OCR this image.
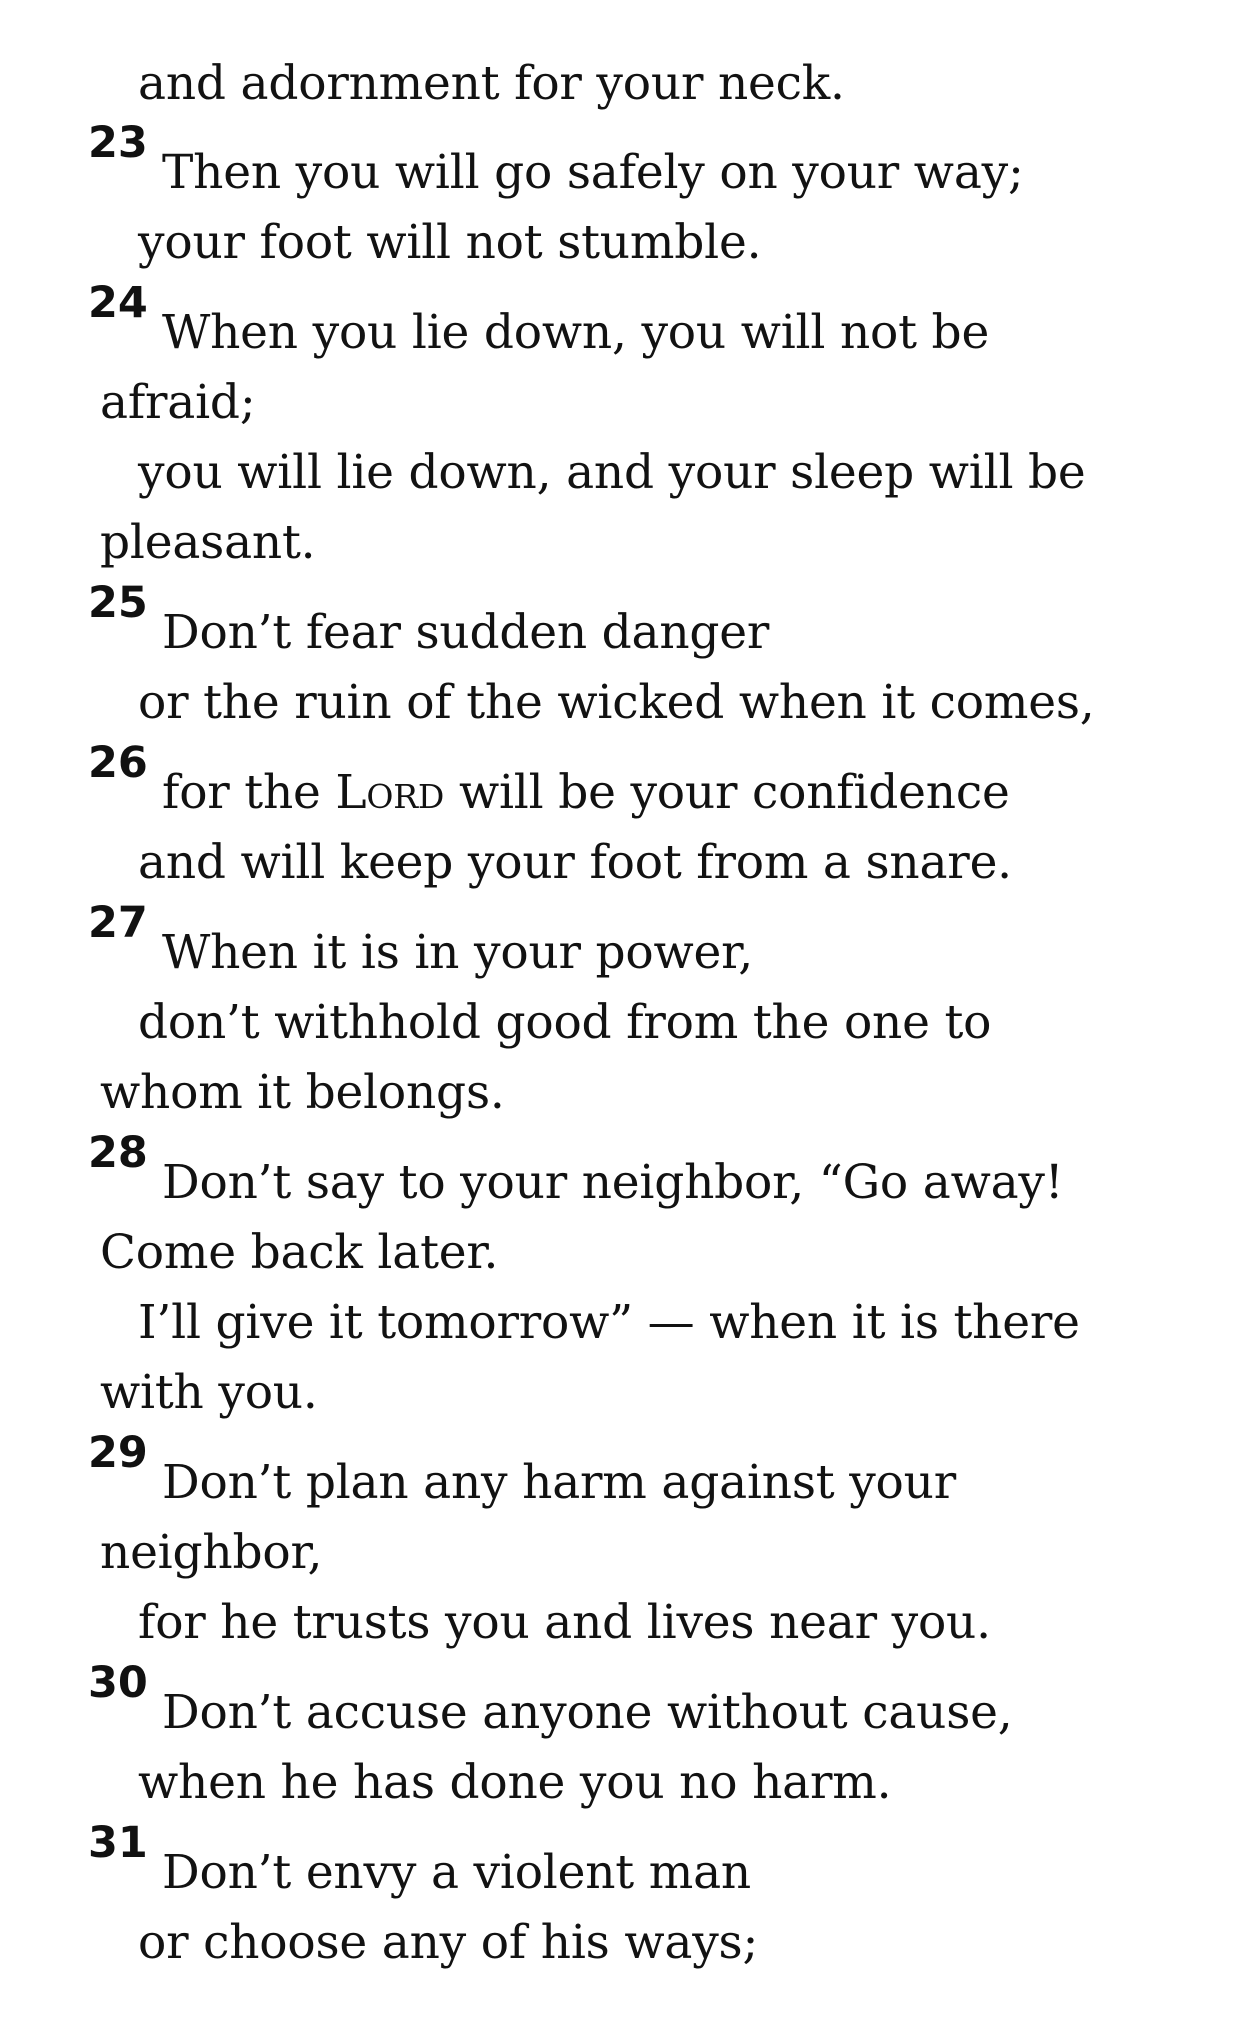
and adornment for your neck.
23
Then you will go safely on your way;
your foot will not stumble.
24
When you lie down, you will not be
afraid;
you will lie down, and your sleep will be
pleasant.
25
Don’t fear sudden danger
or the ruin of the wicked when it comes,
26
for the Lord will be your confidence
and will keep your foot from a snare.
27
When it is in your power,
don’t withhold good from the one to
whom it belongs.
28
Don’t say to your neighbor, “Go away!
Come back later.
I’ll give it tomorrow” — when it is there
with you.
29
Don’t plan any harm against your
neighbor,
for he trusts you and lives near you.
30
Don’t accuse anyone without cause,
when he has done you no harm.
31
Don’t envy a violent man
or choose any of his ways;
